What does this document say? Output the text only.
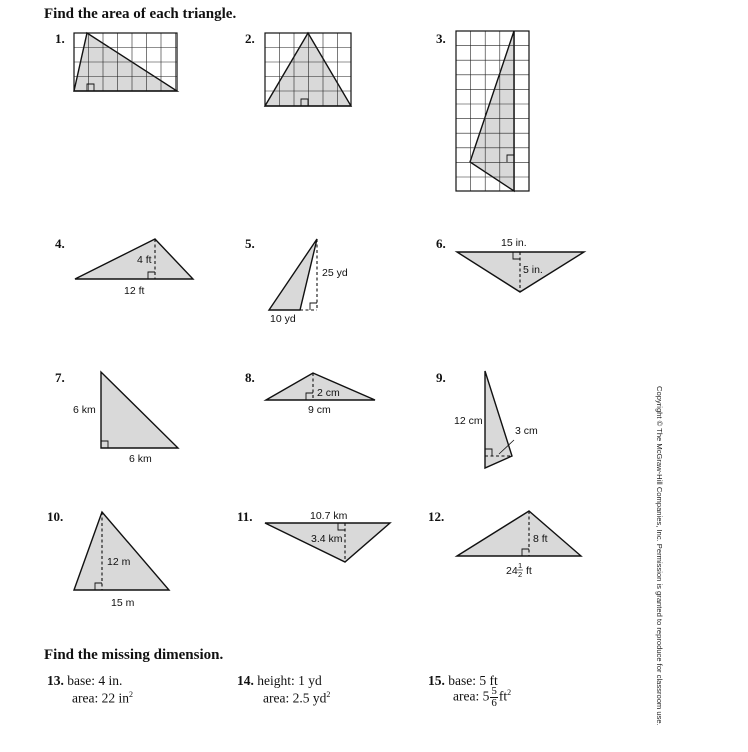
Find the area of each triangle.
Find the missing dimension.
1.	2.	3.
4.	5.	6.
7.	8.	9.
10.	11.	12.
4 ft
12 ft
25 yd
10 yd
15 in.
5 in.
6 km
6 km
2 cm
9 cm
12 cm
3 cm
12 m
15 m
10.7 km
3.4 km	8 ft
24 1
2 ft
13. base: 4 in.
area: 22 $in^2$
14. height: 1 yd
area: 2.5 $yd^2$
15. base: 5 ft
area: $5 \frac{5}{6} ft^2$	Copyright © The McGraw-Hill Companies, Inc. Permission is granted to reproduce for classroom use.
